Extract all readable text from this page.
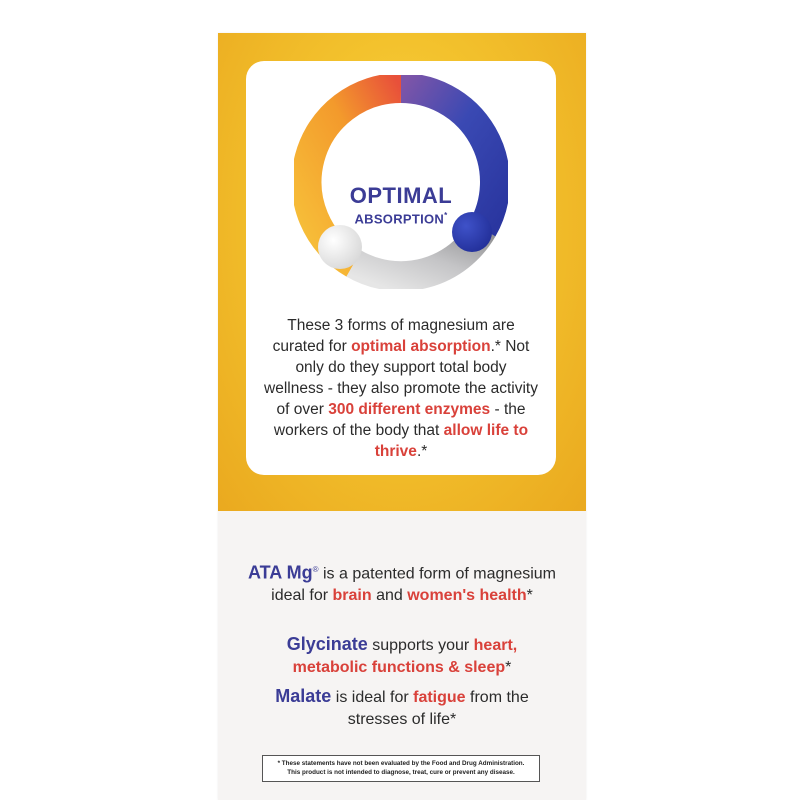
OPTIMAL
ABSORPTION*
These 3 forms of magnesium are curated for optimal absorption.* Not only do they support total body wellness - they also promote the activity of over 300 different enzymes - the workers of the body that allow life to thrive.*
ATA Mg® is a patented form of magnesium ideal for brain and women's health*
Glycinate supports your heart, metabolic functions & sleep*
Malate is ideal for fatigue from the stresses of life*
* These statements have not been evaluated by the Food and Drug Administration.
This product is not intended to diagnose, treat, cure or prevent any disease.
